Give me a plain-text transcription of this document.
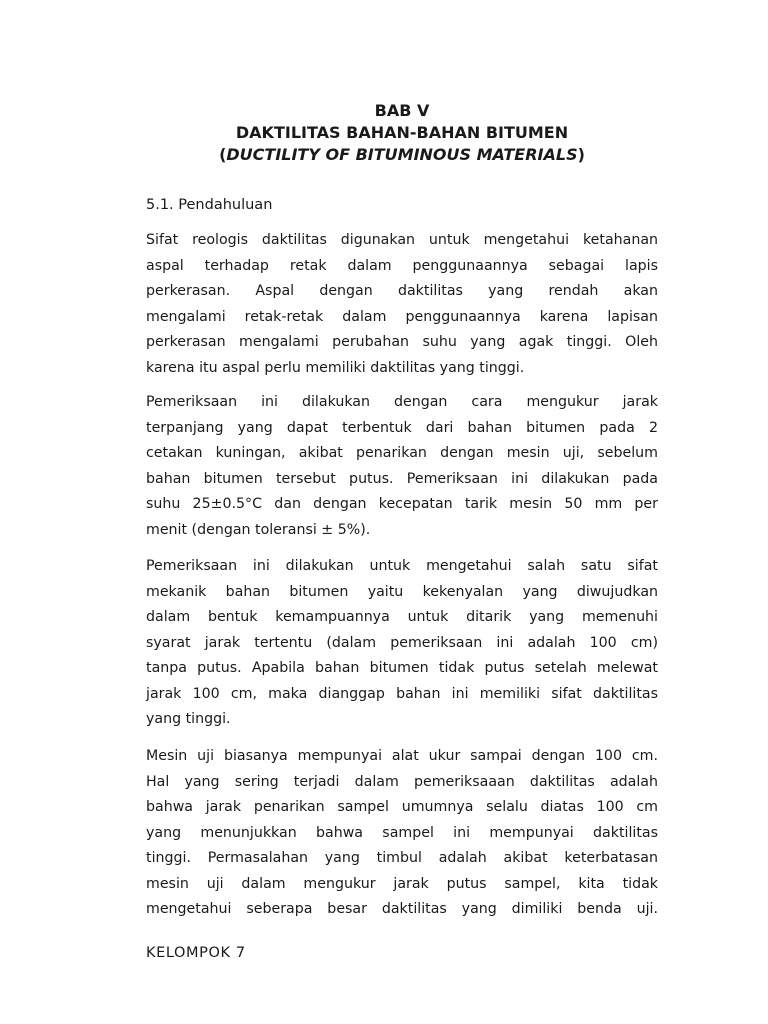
BAB V
DAKTILITAS BAHAN-BAHAN BITUMEN
(DUCTILITY OF BITUMINOUS MATERIALS)
5.1. Pendahuluan
Sifat reologis daktilitas digunakan untuk mengetahui ketahanan
aspal terhadap retak dalam penggunaannya sebagai lapis
perkerasan. Aspal dengan daktilitas yang rendah akan
mengalami retak-retak dalam penggunaannya karena lapisan
perkerasan mengalami perubahan suhu yang agak tinggi. Oleh
karena itu aspal perlu memiliki daktilitas yang tinggi.
Pemeriksaan ini dilakukan dengan cara mengukur jarak
terpanjang yang dapat terbentuk dari bahan bitumen pada 2
cetakan kuningan, akibat penarikan dengan mesin uji, sebelum
bahan bitumen tersebut putus. Pemeriksaan ini dilakukan pada
suhu 25±0.5°C dan dengan kecepatan tarik mesin 50 mm per
menit (dengan toleransi ± 5%).
Pemeriksaan ini dilakukan untuk mengetahui salah satu sifat
mekanik bahan bitumen yaitu kekenyalan yang diwujudkan
dalam bentuk kemampuannya untuk ditarik yang memenuhi
syarat jarak tertentu (dalam pemeriksaan ini adalah 100 cm)
tanpa putus. Apabila bahan bitumen tidak putus setelah melewat
jarak 100 cm, maka dianggap bahan ini memiliki sifat daktilitas
yang tinggi.
Mesin uji biasanya mempunyai alat ukur sampai dengan 100 cm.
Hal yang sering terjadi dalam pemeriksaaan daktilitas adalah
bahwa jarak penarikan sampel umumnya selalu diatas 100 cm
yang menunjukkan bahwa sampel ini mempunyai daktilitas
tinggi. Permasalahan yang timbul adalah akibat keterbatasan
mesin uji dalam mengukur jarak putus sampel, kita tidak
mengetahui seberapa besar daktilitas yang dimiliki benda uji.
KELOMPOK 7
